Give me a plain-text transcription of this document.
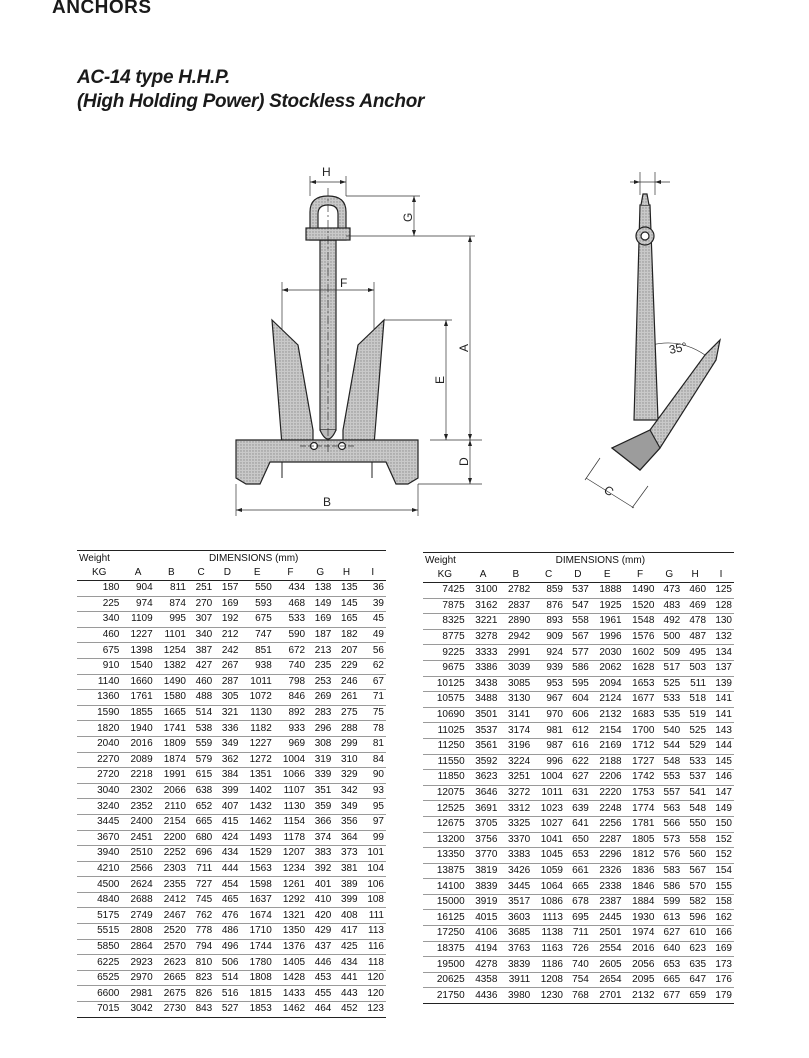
ANCHORS
AC-14 type H.H.P.
(High Holding Power) Stockless Anchor
H
G
F
A
E
D
B
C
35°
Weight	DIMENSIONS (mm)								
KG	A	B	C	D	E	F	G	H	I
180	904	811	251	157	550	434	138	135	36
225	974	874	270	169	593	468	149	145	39
340	1109	995	307	192	675	533	169	165	45
460	1227	1101	340	212	747	590	187	182	49
675	1398	1254	387	242	851	672	213	207	56
910	1540	1382	427	267	938	740	235	229	62
1140	1660	1490	460	287	1011	798	253	246	67
1360	1761	1580	488	305	1072	846	269	261	71
1590	1855	1665	514	321	1130	892	283	275	75
1820	1940	1741	538	336	1182	933	296	288	78
2040	2016	1809	559	349	1227	969	308	299	81
2270	2089	1874	579	362	1272	1004	319	310	84
2720	2218	1991	615	384	1351	1066	339	329	90
3040	2302	2066	638	399	1402	1107	351	342	93
3240	2352	2110	652	407	1432	1130	359	349	95
3445	2400	2154	665	415	1462	1154	366	356	97
3670	2451	2200	680	424	1493	1178	374	364	99
3940	2510	2252	696	434	1529	1207	383	373	101
4210	2566	2303	711	444	1563	1234	392	381	104
4500	2624	2355	727	454	1598	1261	401	389	106
4840	2688	2412	745	465	1637	1292	410	399	108
5175	2749	2467	762	476	1674	1321	420	408	111
5515	2808	2520	778	486	1710	1350	429	417	113
5850	2864	2570	794	496	1744	1376	437	425	116
6225	2923	2623	810	506	1780	1405	446	434	118
6525	2970	2665	823	514	1808	1428	453	441	120
6600	2981	2675	826	516	1815	1433	455	443	120
7015	3042	2730	843	527	1853	1462	464	452	123
Weight	DIMENSIONS (mm)								
KG	A	B	C	D	E	F	G	H	I
7425	3100	2782	859	537	1888	1490	473	460	125
7875	3162	2837	876	547	1925	1520	483	469	128
8325	3221	2890	893	558	1961	1548	492	478	130
8775	3278	2942	909	567	1996	1576	500	487	132
9225	3333	2991	924	577	2030	1602	509	495	134
9675	3386	3039	939	586	2062	1628	517	503	137
10125	3438	3085	953	595	2094	1653	525	511	139
10575	3488	3130	967	604	2124	1677	533	518	141
10690	3501	3141	970	606	2132	1683	535	519	141
11025	3537	3174	981	612	2154	1700	540	525	143
11250	3561	3196	987	616	2169	1712	544	529	144
11550	3592	3224	996	622	2188	1727	548	533	145
11850	3623	3251	1004	627	2206	1742	553	537	146
12075	3646	3272	1011	631	2220	1753	557	541	147
12525	3691	3312	1023	639	2248	1774	563	548	149
12675	3705	3325	1027	641	2256	1781	566	550	150
13200	3756	3370	1041	650	2287	1805	573	558	152
13350	3770	3383	1045	653	2296	1812	576	560	152
13875	3819	3426	1059	661	2326	1836	583	567	154
14100	3839	3445	1064	665	2338	1846	586	570	155
15000	3919	3517	1086	678	2387	1884	599	582	158
16125	4015	3603	1113	695	2445	1930	613	596	162
17250	4106	3685	1138	711	2501	1974	627	610	166
18375	4194	3763	1163	726	2554	2016	640	623	169
19500	4278	3839	1186	740	2605	2056	653	635	173
20625	4358	3911	1208	754	2654	2095	665	647	176
21750	4436	3980	1230	768	2701	2132	677	659	179
